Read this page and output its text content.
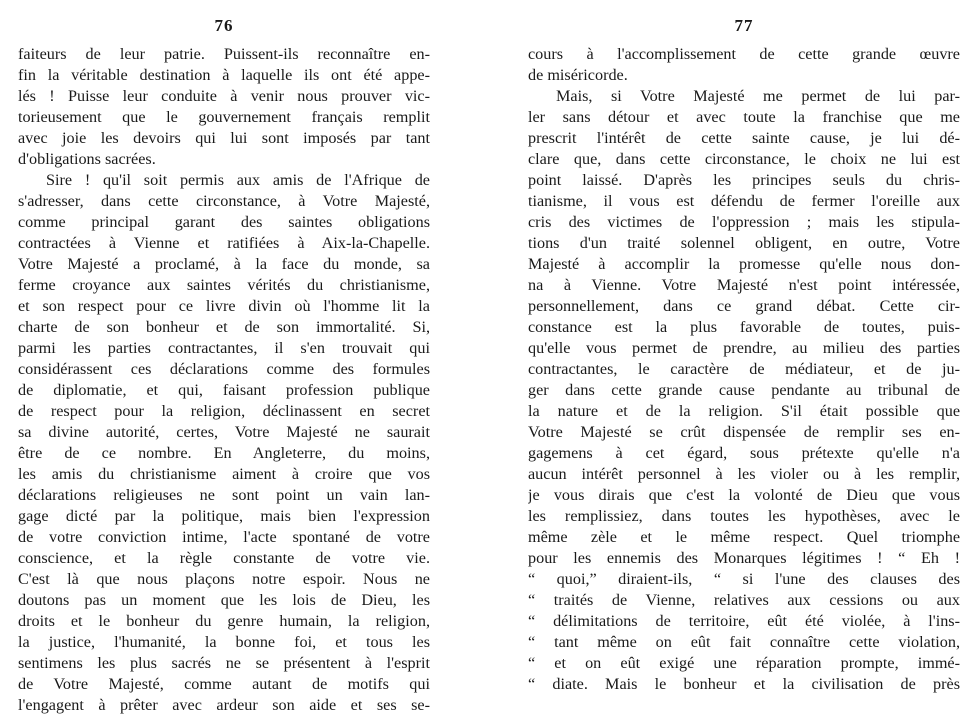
76
faiteurs de leur patrie. Puissent-ils reconnaître en-
fin la véritable destination à laquelle ils ont été appe-
lés ! Puisse leur conduite à venir nous prouver vic-
torieusement que le gouvernement français remplit
avec joie les devoirs qui lui sont imposés par tant
d'obligations sacrées.
Sire ! qu'il soit permis aux amis de l'Afrique de
s'adresser, dans cette circonstance, à Votre Majesté,
comme principal garant des saintes obligations
contractées à Vienne et ratifiées à Aix-la-Chapelle.
Votre Majesté a proclamé, à la face du monde, sa
ferme croyance aux saintes vérités du christianisme,
et son respect pour ce livre divin où l'homme lit la
charte de son bonheur et de son immortalité. Si,
parmi les parties contractantes, il s'en trouvait qui
considérassent ces déclarations comme des formules
de diplomatie, et qui, faisant profession publique
de respect pour la religion, déclinassent en secret
sa divine autorité, certes, Votre Majesté ne saurait
être de ce nombre. En Angleterre, du moins,
les amis du christianisme aiment à croire que vos
déclarations religieuses ne sont point un vain lan-
gage dicté par la politique, mais bien l'expression
de votre conviction intime, l'acte spontané de votre
conscience, et la règle constante de votre vie.
C'est là que nous plaçons notre espoir. Nous ne
doutons pas un moment que les lois de Dieu, les
droits et le bonheur du genre humain, la religion,
la justice, l'humanité, la bonne foi, et tous les
sentimens les plus sacrés ne se présentent à l'esprit
de Votre Majesté, comme autant de motifs qui
l'engagent à prêter avec ardeur son aide et ses se-
77
cours à l'accomplissement de cette grande œuvre
de miséricorde.
Mais, si Votre Majesté me permet de lui par-
ler sans détour et avec toute la franchise que me
prescrit l'intérêt de cette sainte cause, je lui dé-
clare que, dans cette circonstance, le choix ne lui est
point laissé. D'après les principes seuls du chris-
tianisme, il vous est défendu de fermer l'oreille aux
cris des victimes de l'oppression ; mais les stipula-
tions d'un traité solennel obligent, en outre, Votre
Majesté à accomplir la promesse qu'elle nous don-
na à Vienne. Votre Majesté n'est point intéressée,
personnellement, dans ce grand débat. Cette cir-
constance est la plus favorable de toutes, puis-
qu'elle vous permet de prendre, au milieu des parties
contractantes, le caractère de médiateur, et de ju-
ger dans cette grande cause pendante au tribunal de
la nature et de la religion. S'il était possible que
Votre Majesté se crût dispensée de remplir ses en-
gagemens à cet égard, sous prétexte qu'elle n'a
aucun intérêt personnel à les violer ou à les remplir,
je vous dirais que c'est la volonté de Dieu que vous
les remplissiez, dans toutes les hypothèses, avec le
même zèle et le même respect. Quel triomphe
pour les ennemis des Monarques légitimes ! “ Eh !
“ quoi,” diraient-ils, “ si l'une des clauses des
“ traités de Vienne, relatives aux cessions ou aux
“ délimitations de territoire, eût été violée, à l'ins-
“ tant même on eût fait connaître cette violation,
“ et on eût exigé une réparation prompte, immé-
“ diate. Mais le bonheur et la civilisation de près
